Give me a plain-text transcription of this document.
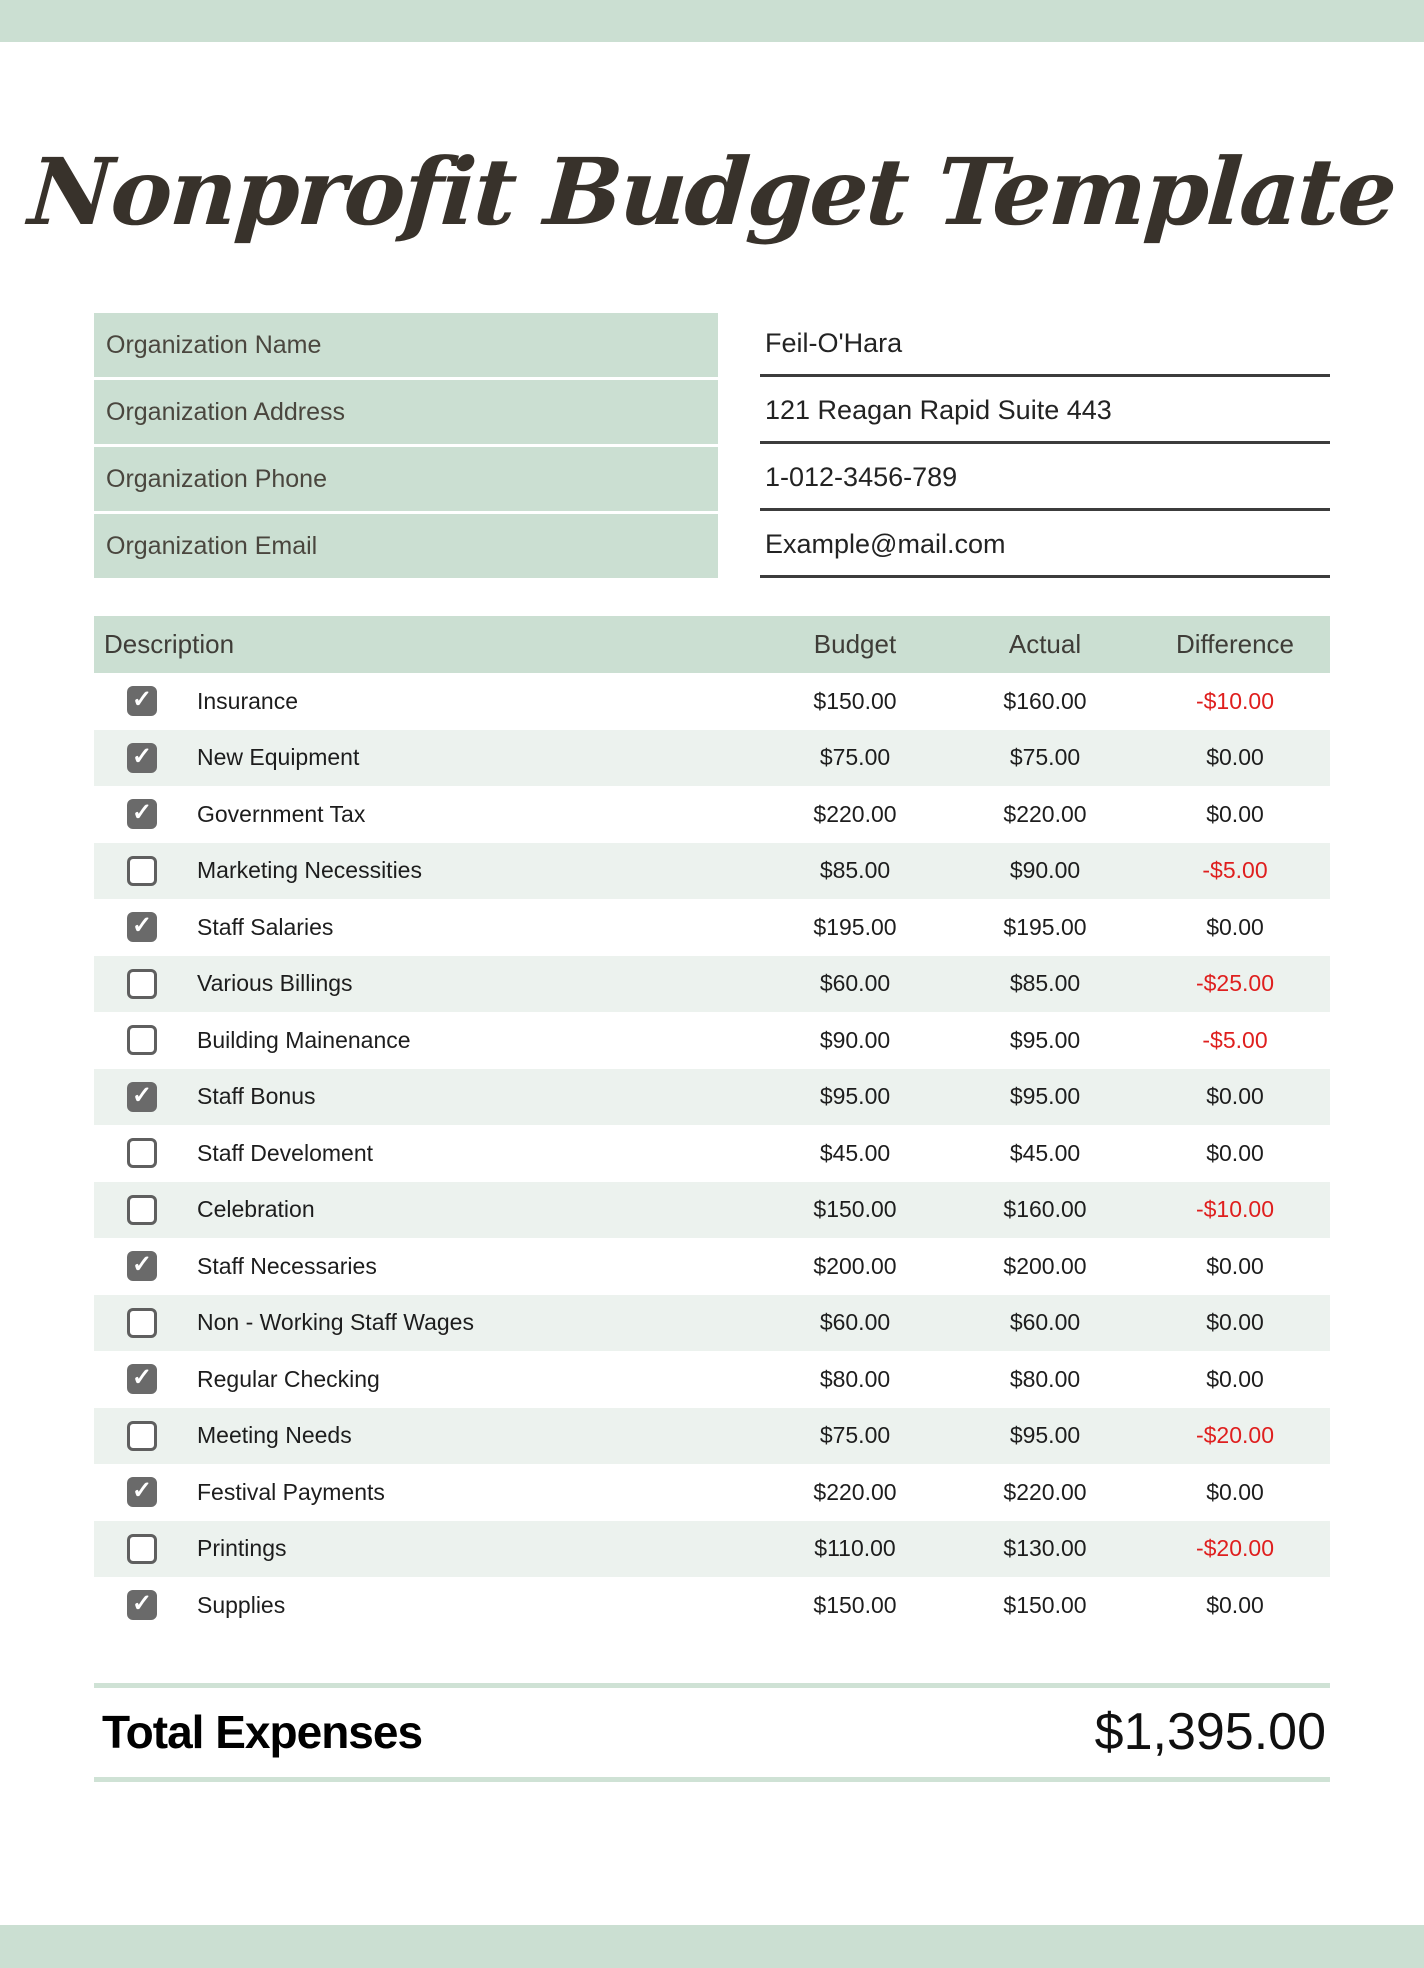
Nonprofit Budget Template
Organization Name	Feil-O'Hara
Organization Address	121 Reagan Rapid Suite 443
Organization Phone	1-012-3456-789
Organization Email	Example@mail.com
Description	Budget	Actual	Difference
✓ Insurance	$150.00	$160.00	-$10.00
✓ New Equipment	$75.00	$75.00	$0.00
✓ Government Tax	$220.00	$220.00	$0.00
Marketing Necessities	$85.00	$90.00	-$5.00
✓ Staff Salaries	$195.00	$195.00	$0.00
Various Billings	$60.00	$85.00	-$25.00
Building Mainenance	$90.00	$95.00	-$5.00
✓ Staff Bonus	$95.00	$95.00	$0.00
Staff Develoment	$45.00	$45.00	$0.00
Celebration	$150.00	$160.00	-$10.00
✓ Staff Necessaries	$200.00	$200.00	$0.00
Non - Working Staff Wages	$60.00	$60.00	$0.00
✓ Regular Checking	$80.00	$80.00	$0.00
Meeting Needs	$75.00	$95.00	-$20.00
✓ Festival Payments	$220.00	$220.00	$0.00
Printings	$110.00	$130.00	-$20.00
✓ Supplies	$150.00	$150.00	$0.00
Total Expenses	$1,395.00
